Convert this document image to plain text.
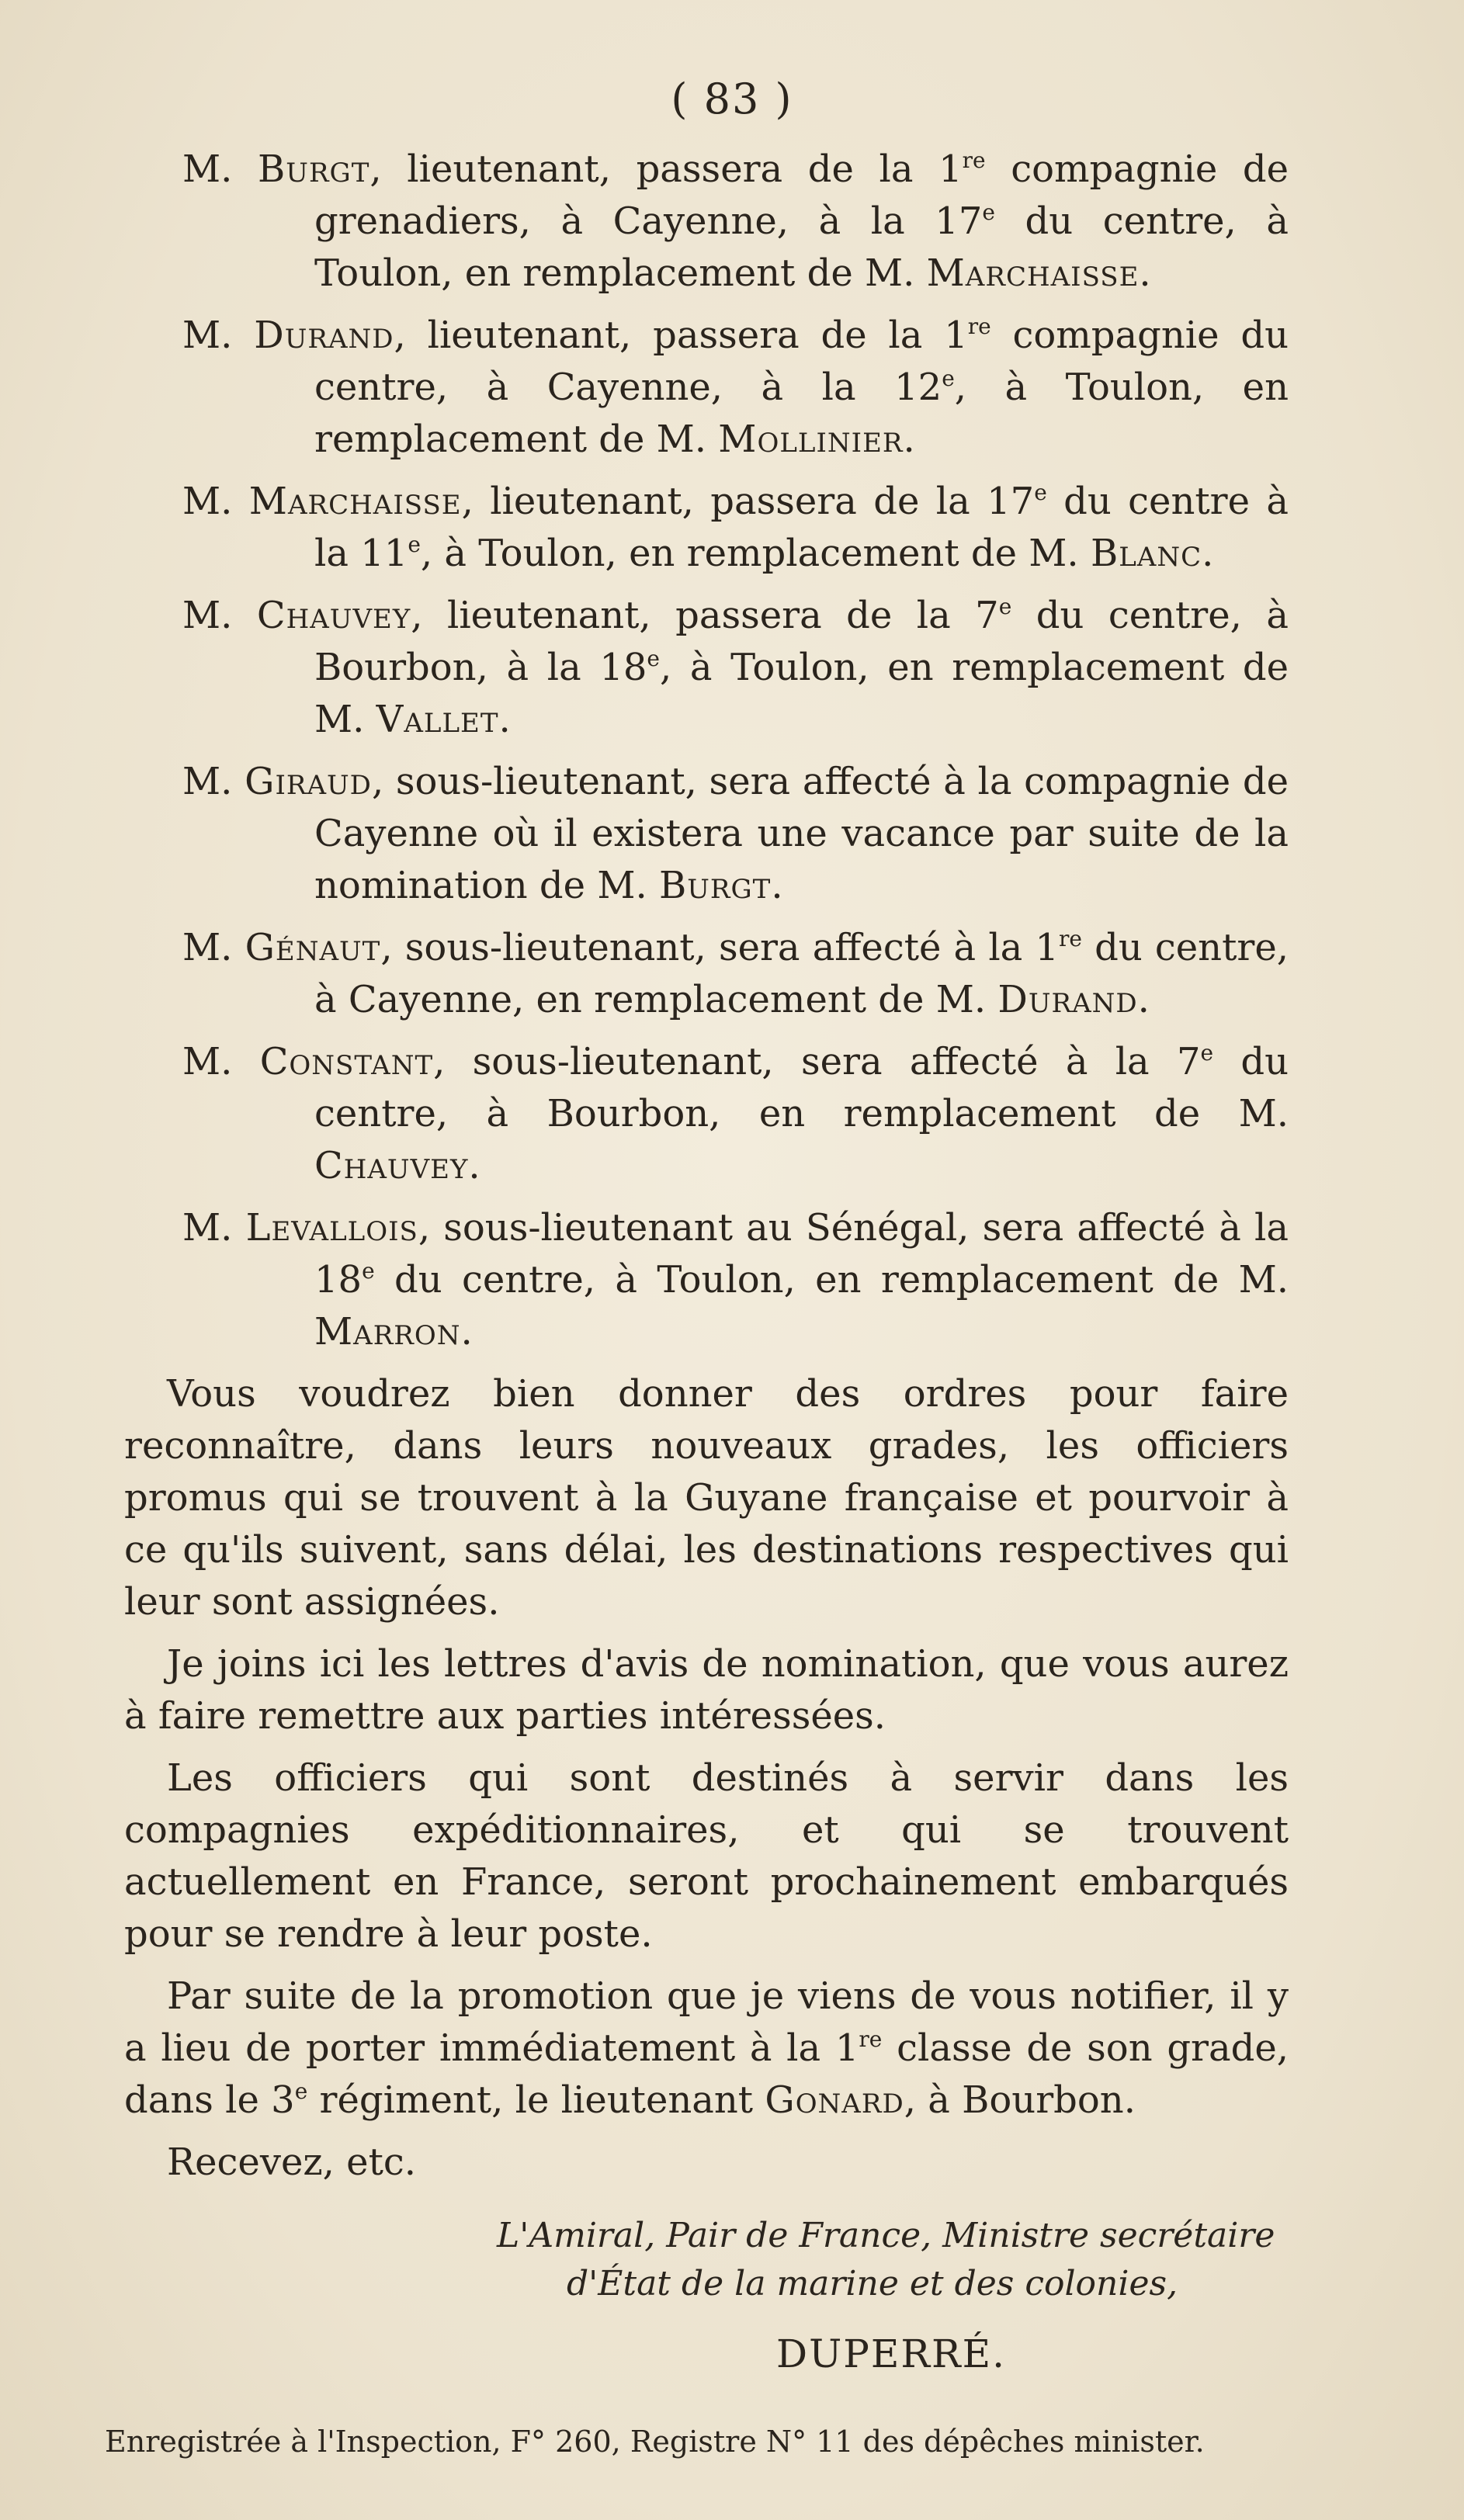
( 83 )

M. Burgt, lieutenant, passera de la 1re compagnie de grenadiers, à Cayenne, à la 17e du centre, à Toulon, en remplacement de M. Marchaisse.

M. Durand, lieutenant, passera de la 1re compagnie du centre, à Cayenne, à la 12e, à Toulon, en remplacement de M. Mollinier.

M. Marchaisse, lieutenant, passera de la 17e du centre à la 11e, à Toulon, en remplacement de M. Blanc.

M. Chauvey, lieutenant, passera de la 7e du centre, à Bourbon, à la 18e, à Toulon, en remplacement de M. Vallet.

M. Giraud, sous-lieutenant, sera affecté à la compagnie de Cayenne où il existera une vacance par suite de la nomination de M. Burgt.

M. Génaut, sous-lieutenant, sera affecté à la 1re du centre, à Cayenne, en remplacement de M. Durand.

M. Constant, sous-lieutenant, sera affecté à la 7e du centre, à Bourbon, en remplacement de M. Chauvey.

M. Levallois, sous-lieutenant au Sénégal, sera affecté à la 18e du centre, à Toulon, en remplacement de M. Marron.

Vous voudrez bien donner des ordres pour faire reconnaître, dans leurs nouveaux grades, les officiers promus qui se trouvent à la Guyane française et pourvoir à ce qu'ils suivent, sans délai, les destinations respectives qui leur sont assignées.

Je joins ici les lettres d'avis de nomination, que vous aurez à faire remettre aux parties intéressées.

Les officiers qui sont destinés à servir dans les compagnies expéditionnaires, et qui se trouvent actuellement en France, seront prochainement embarqués pour se rendre à leur poste.

Par suite de la promotion que je viens de vous notifier, il y a lieu de porter immédiatement à la 1re classe de son grade, dans le 3e régiment, le lieutenant Gonard, à Bourbon.

Recevez, etc.

L'Amiral, Pair de France, Ministre secrétaire
d'État de la marine et des colonies,
DUPERRÉ.
Enregistrée à l'Inspection, F° 260, Registre N° 11 des dépêches minister.
